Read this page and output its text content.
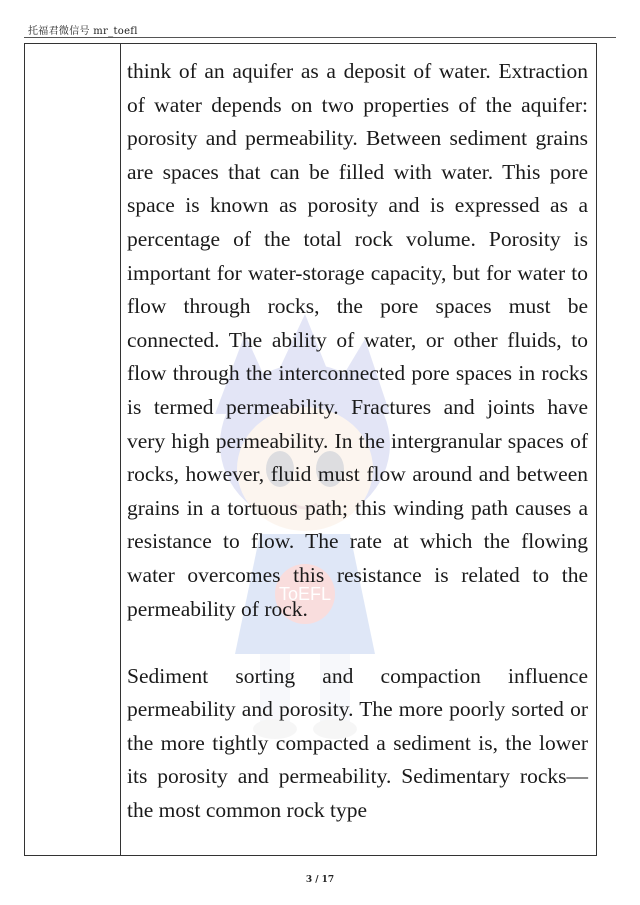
托福君微信号 mr_toefl
ToEFL

think of an aquifer as a deposit of water. Extraction of water depends on two properties of the aquifer: porosity and permeability. Between sediment grains are spaces that can be filled with water. This pore space is known as porosity and is expressed as a percentage of the total rock volume. Porosity is important for water-storage capacity, but for water to flow through rocks, the pore spaces must be connected. The ability of water, or other fluids, to flow through the interconnected pore spaces in rocks is termed permeability. Fractures and joints have very high permeability. In the intergranular spaces of rocks, however, fluid must flow around and between grains in a tortuous path; this winding path causes a resistance to flow. The rate at which the flowing water overcomes this resistance is related to the permeability of rock.

Sediment sorting and compaction influence permeability and porosity. The more poorly sorted or the more tightly compacted a sediment is, the lower its porosity and permeability. Sedimentary rocks—the most common rock type

3 / 17
